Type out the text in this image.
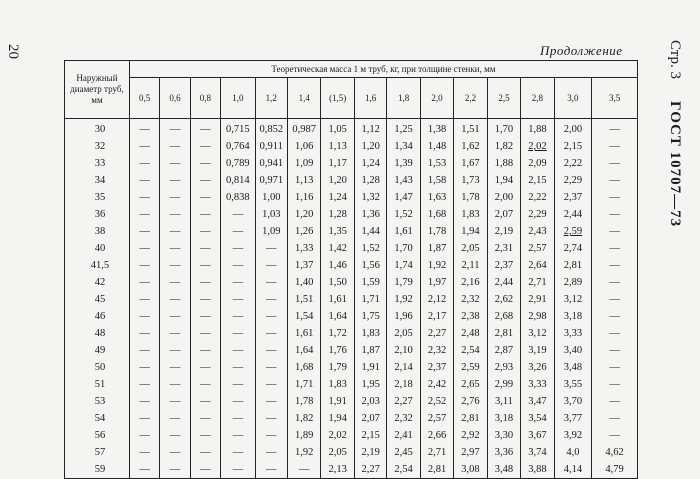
20	Стр. 3ГОСТ 10707—73
Продолжение
Наружный диаметр труб, мм	Теоретическая масса 1 м труб, кг, при толщине стенки, мм														
	0,5	0,6	0,8	1,0	1,2	1,4	(1,5)	1,6	1,8	2,0	2,2	2,5	2,8	3,0	3,5
30	—	—	—	0,715	0,852	0,987	1,05	1,12	1,25	1,38	1,51	1,70	1,88	2,00	—
32	—	—	—	0,764	0,911	1,06	1,13	1,20	1,34	1,48	1,62	1,82	2,02	2,15	—
33	—	—	—	0,789	0,941	1,09	1,17	1,24	1,39	1,53	1,67	1,88	2,09	2,22	—
34	—	—	—	0,814	0,971	1,13	1,20	1,28	1,43	1,58	1,73	1,94	2,15	2,29	—
35	—	—	—	0,838	1,00	1,16	1,24	1,32	1,47	1,63	1,78	2,00	2,22	2,37	—
36	—	—	—	—	1,03	1,20	1,28	1,36	1,52	1,68	1,83	2,07	2,29	2,44	—
38	—	—	—	—	1,09	1,26	1,35	1,44	1,61	1,78	1,94	2,19	2,43	2,59	—
40	—	—	—	—	—	1,33	1,42	1,52	1,70	1,87	2,05	2,31	2,57	2,74	—
41,5	—	—	—	—	—	1,37	1,46	1,56	1,74	1,92	2,11	2,37	2,64	2,81	—
42	—	—	—	—	—	1,40	1,50	1,59	1,79	1,97	2,16	2,44	2,71	2,89	—
45	—	—	—	—	—	1,51	1,61	1,71	1,92	2,12	2,32	2,62	2,91	3,12	—
46	—	—	—	—	—	1,54	1,64	1,75	1,96	2,17	2,38	2,68	2,98	3,18	—
48	—	—	—	—	—	1,61	1,72	1,83	2,05	2,27	2,48	2,81	3,12	3,33	—
49	—	—	—	—	—	1,64	1,76	1,87	2,10	2,32	2,54	2,87	3,19	3,40	—
50	—	—	—	—	—	1,68	1,79	1,91	2,14	2,37	2,59	2,93	3,26	3,48	—
51	—	—	—	—	—	1,71	1,83	1,95	2,18	2,42	2,65	2,99	3,33	3,55	—
53	—	—	—	—	—	1,78	1,91	2,03	2,27	2,52	2,76	3,11	3,47	3,70	—
54	—	—	—	—	—	1,82	1,94	2,07	2,32	2,57	2,81	3,18	3,54	3,77	—
56	—	—	—	—	—	1,89	2,02	2,15	2,41	2,66	2,92	3,30	3,67	3,92	—
57	—	—	—	—	—	1,92	2,05	2,19	2,45	2,71	2,97	3,36	3,74	4,0	4,62
59	—	—	—	—	—	—	2,13	2,27	2,54	2,81	3,08	3,48	3,88	4,14	4,79
